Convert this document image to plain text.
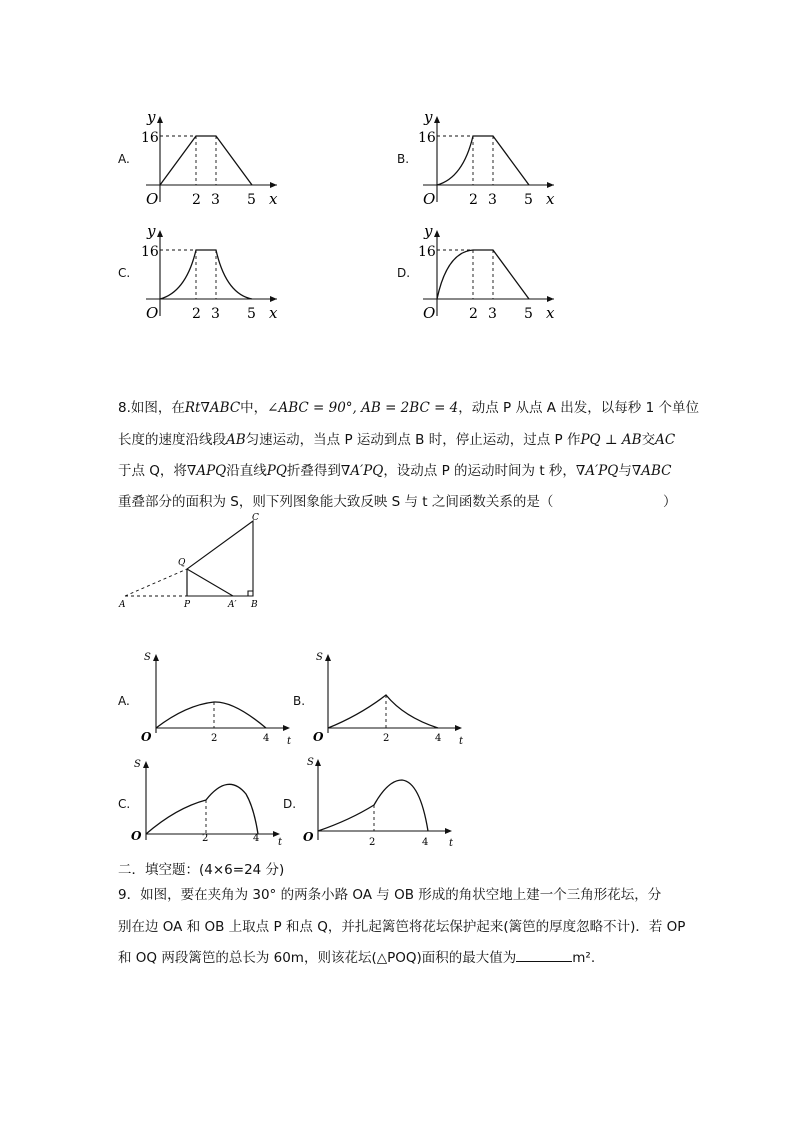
A.
y
16
O 2 3 5 x
B.
y
16
O 2 3 5 x
C.
y
16
O 2 3 5 x
D.
y
16
O 2 3 5 x
8.如图，在Rt∇ABC中，∠ABC = 90°, AB = 2BC = 4，动点 P 从点 A 出发，以每秒 1 个单位
长度的速度沿线段AB匀速运动，当点 P 运动到点 B 时，停止运动，过点 P 作PQ ⊥ AB交AC
于点 Q，将∇APQ沿直线PQ折叠得到∇A′PQ，设动点 P 的运动时间为 t 秒，∇A′PQ与∇ABC
重叠部分的面积为 S，则下列图象能大致反映 S 与 t 之间函数关系的是（	）
A	P	A′ B
Q
C
A.
S
O	2	4 t
B.
S
O	2	4 t
C.
S
O	2	4 t
D.
S
O	2	4 t
二．填空题：(4×6=24 分)
9．如图，要在夹角为 30° 的两条小路 OA 与 OB 形成的角状空地上建一个三角形花坛，分
别在边 OA 和 OB 上取点 P 和点 Q，并扎起篱笆将花坛保护起来(篱笆的厚度忽略不计)．若 OP
和 OQ 两段篱笆的总长为 60m，则该花坛(△POQ)面积的最大值为	m².
